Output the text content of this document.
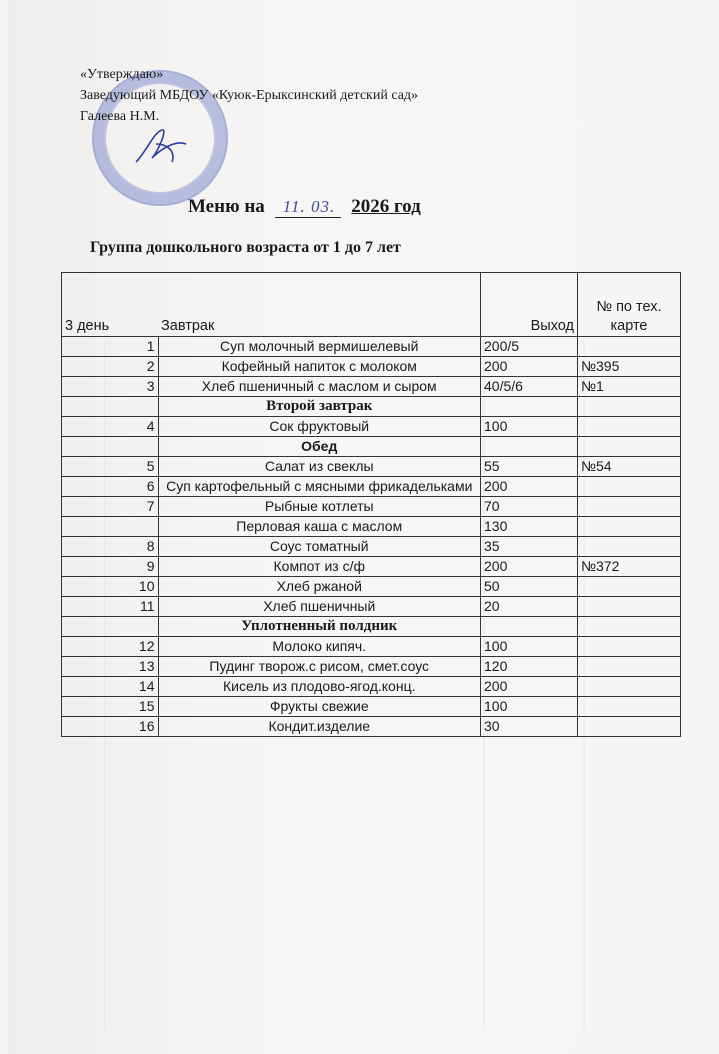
«Утверждаю»
Заведующий МБДОУ «Куюк-Ерыксинский детский сад»
Галеева Н.М.
Меню на	11. 03. 2026 год
Группа дошкольного возраста от 1 до 7 лет
3 день	Завтрак	Выход	№ по тех. карте
1	Суп молочный вермишелевый	200/5	
2	Кофейный напиток с молоком	200	№395
3	Хлеб пшеничный с маслом и сыром	40/5/6	№1
	Второй завтрак		
4	Сок фруктовый	100	
	Обед		
5	Салат из свеклы	55	№54
6	Суп картофельный с мясными фрикадельками	200	
7	Рыбные котлеты	70	
	Перловая каша с маслом	130	
8	Соус томатный	35	
9	Компот из с/ф	200	№372
10	Хлеб ржаной	50	
11	Хлеб пшеничный	20	
	Уплотненный полдник		
12	Молоко кипяч.	100	
13	Пудинг творож.с рисом, смет.соус	120	
14	Кисель из плодово-ягод.конц.	200	
15	Фрукты свежие	100	
16	Кондит.изделие	30	
